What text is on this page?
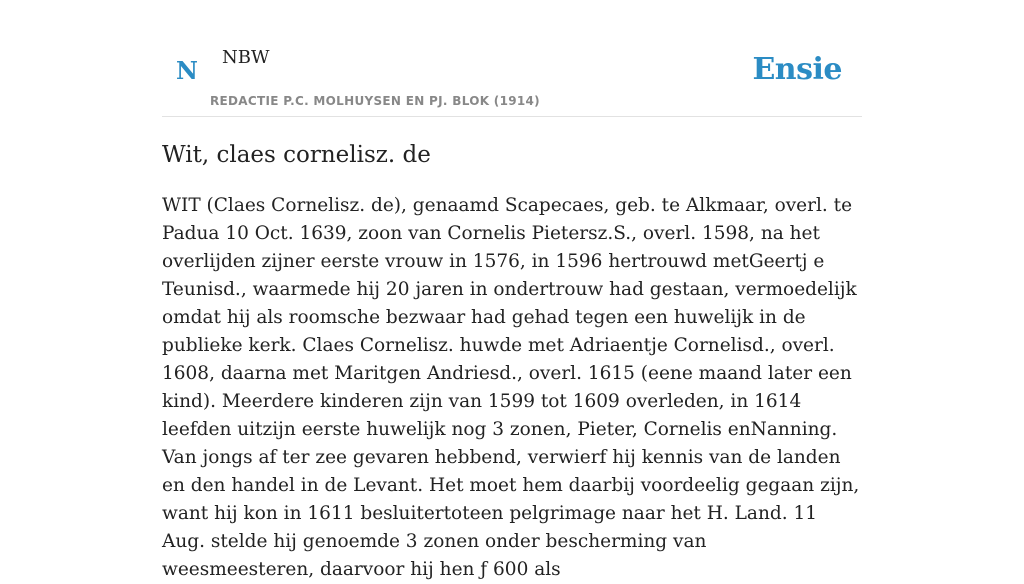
N NBW
REDACTIE P.C. MOLHUYSEN EN PJ. BLOK (1914)
Ensie
Wit, claes cornelisz. de

WIT (Claes Cornelisz. de), genaamd Scapecaes, geb. te Alkmaar, overl. te Padua 10 Oct. 1639, zoon van Cornelis Pietersz.S., overl. 1598, na het overlijden zijner eerste vrouw in 1576, in 1596 hertrouwd metGeertj e Teunisd., waarmede hij 20 jaren in ondertrouw had gestaan, vermoedelijk omdat hij als roomsche bezwaar had gehad tegen een huwelijk in de publieke kerk. Claes Cornelisz. huwde met Adriaentje Cornelisd., overl. 1608, daarna met Maritgen Andriesd., overl. 1615 (eene maand later een kind). Meerdere kinderen zijn van 1599 tot 1609 overleden, in 1614 leefden uitzijn eerste huwelijk nog 3 zonen, Pieter, Cornelis enNanning. Van jongs af ter zee gevaren hebbend, verwierf hij kennis van de landen en den handel in de Levant. Het moet hem daarbij voordeelig gegaan zijn, want hij kon in 1611 besluitertoteen pelgrimage naar het H. Land. 11 Aug. stelde hij genoemde 3 zonen onder bescherming van weesmeesteren, daarvoor hij hen ƒ 600 als
